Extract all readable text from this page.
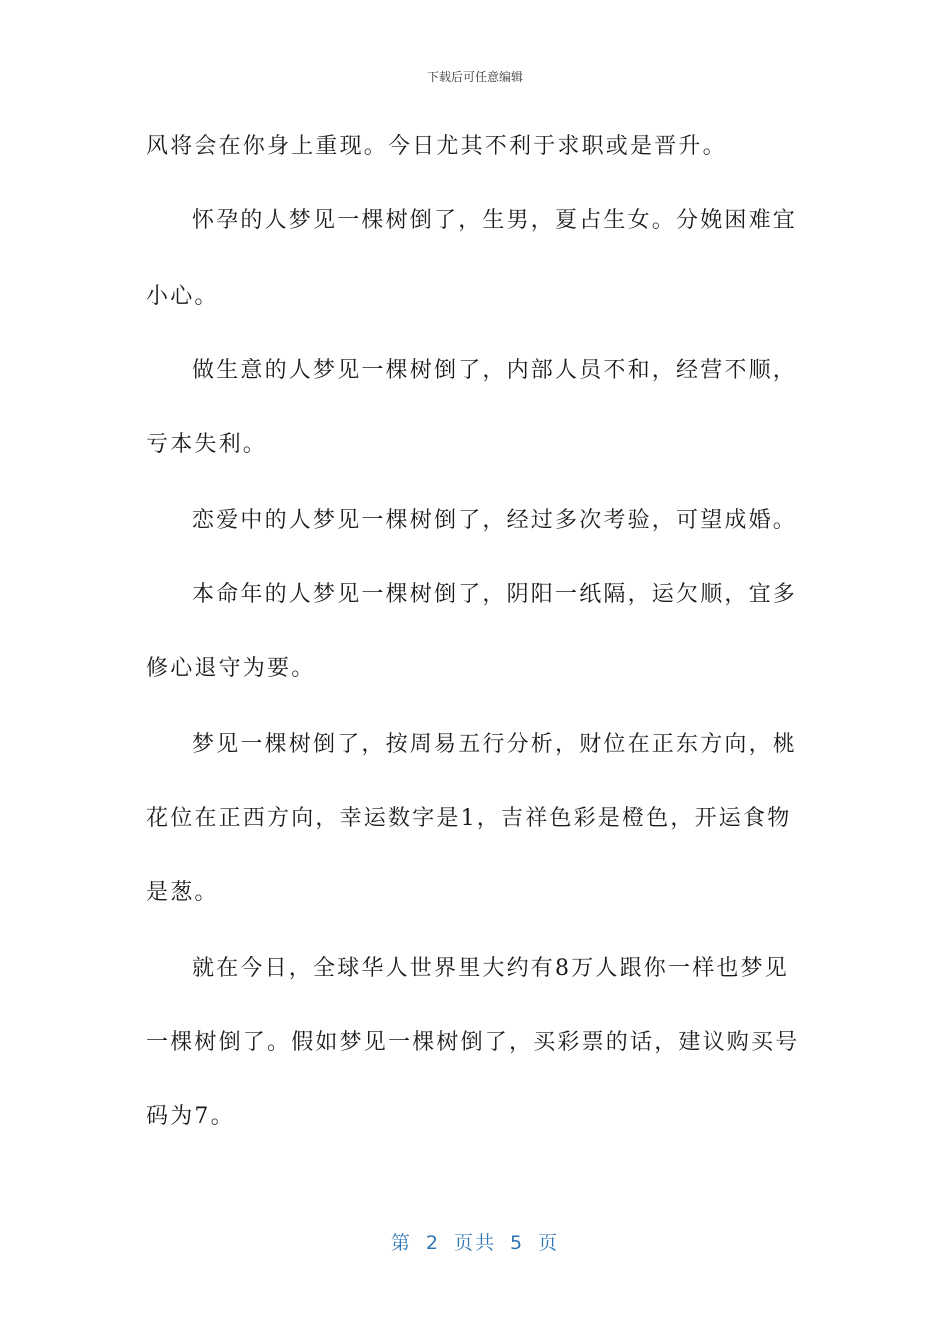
下载后可任意编辑

风将会在你身上重现。今日尤其不利于求职或是晋升。

怀孕的人梦见一棵树倒了，生男，夏占生女。分娩困难宜

小心。

做生意的人梦见一棵树倒了，内部人员不和，经营不顺，

亏本失利。

恋爱中的人梦见一棵树倒了，经过多次考验，可望成婚。

本命年的人梦见一棵树倒了，阴阳一纸隔，运欠顺，宜多

修心退守为要。

梦见一棵树倒了，按周易五行分析，财位在正东方向，桃

花位在正西方向，幸运数字是1，吉祥色彩是橙色，开运食物

是葱。

就在今日，全球华人世界里大约有8万人跟你一样也梦见

一棵树倒了。假如梦见一棵树倒了，买彩票的话，建议购买号

码为7。

第 2 页共 5 页
